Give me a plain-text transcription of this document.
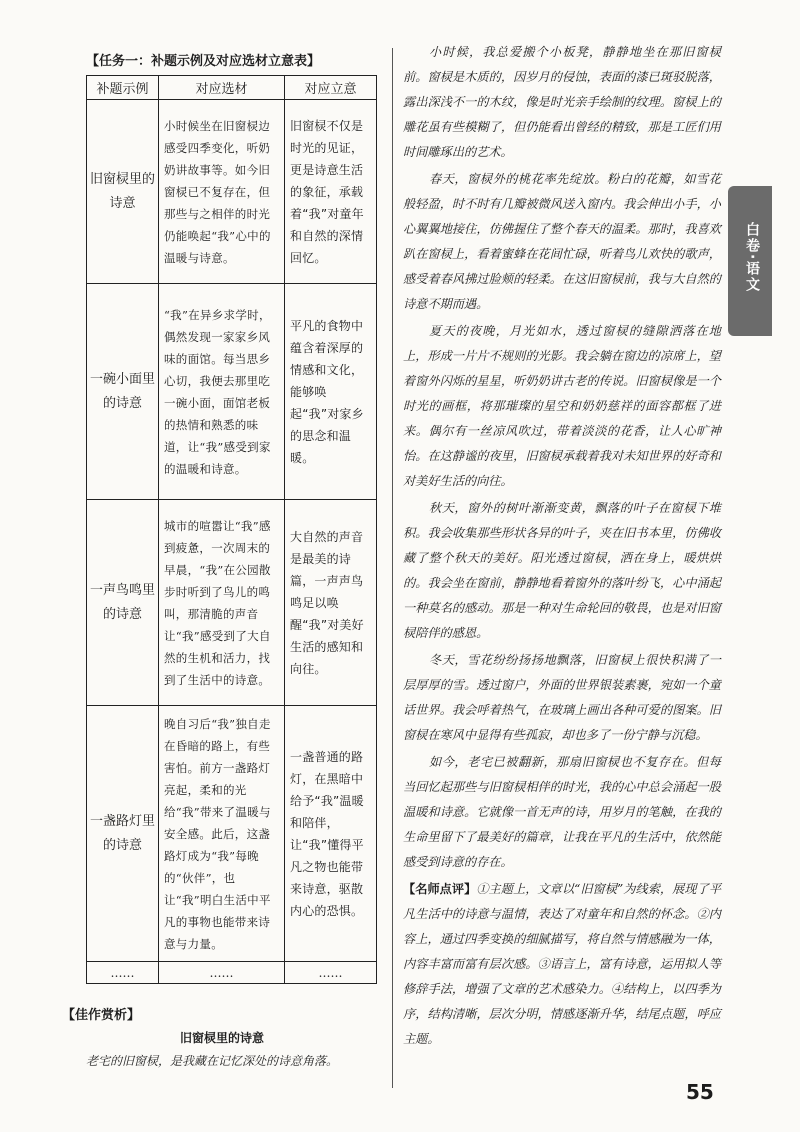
【任务一：补题示例及对应选材立意表】
补题示例	对应选材	对应立意
旧窗棂里的诗意	小时候坐在旧窗棂边感受四季变化，听奶奶讲故事等。如今旧窗棂已不复存在，但那些与之相伴的时光仍能唤起“我”心中的温暖与诗意。	旧窗棂不仅是时光的见证，更是诗意生活的象征，承载着“我”对童年和自然的深情回忆。
一碗小面里的诗意	“我”在异乡求学时，偶然发现一家家乡风味的面馆。每当思乡心切，我便去那里吃一碗小面，面馆老板的热情和熟悉的味道，让“我”感受到家的温暖和诗意。	平凡的食物中蕴含着深厚的情感和文化，能够唤起“我”对家乡的思念和温暖。
一声鸟鸣里的诗意	城市的喧嚣让“我”感到疲惫，一次周末的早晨，“我”在公园散步时听到了鸟儿的鸣叫，那清脆的声音让“我”感受到了大自然的生机和活力，找到了生活中的诗意。	大自然的声音是最美的诗篇，一声声鸟鸣足以唤醒“我”对美好生活的感知和向往。
一盏路灯里的诗意	晚自习后“我”独自走在昏暗的路上，有些害怕。前方一盏路灯亮起，柔和的光给“我”带来了温暖与安全感。此后，这盏路灯成为“我”每晚的“伙伴”，也让“我”明白生活中平凡的事物也能带来诗意与力量。	一盏普通的路灯，在黑暗中给予“我”温暖和陪伴，让“我”懂得平凡之物也能带来诗意，驱散内心的恐惧。
……	……	……
【佳作赏析】
旧窗棂里的诗意
老宅的旧窗棂，是我藏在记忆深处的诗意角落。

小时候，我总爱搬个小板凳，静静地坐在那旧窗棂前。窗棂是木质的，因岁月的侵蚀，表面的漆已斑驳脱落，露出深浅不一的木纹，像是时光亲手绘制的纹理。窗棂上的雕花虽有些模糊了，但仍能看出曾经的精致，那是工匠们用时间雕琢出的艺术。

春天，窗棂外的桃花率先绽放。粉白的花瓣，如雪花般轻盈，时不时有几瓣被微风送入窗内。我会伸出小手，小心翼翼地接住，仿佛握住了整个春天的温柔。那时，我喜欢趴在窗棂上，看着蜜蜂在花间忙碌，听着鸟儿欢快的歌声，感受着春风拂过脸颊的轻柔。在这旧窗棂前，我与大自然的诗意不期而遇。

夏天的夜晚，月光如水，透过窗棂的缝隙洒落在地上，形成一片片不规则的光影。我会躺在窗边的凉席上，望着窗外闪烁的星星，听奶奶讲古老的传说。旧窗棂像是一个时光的画框，将那璀璨的星空和奶奶慈祥的面容都框了进来。偶尔有一丝凉风吹过，带着淡淡的花香，让人心旷神怡。在这静谧的夜里，旧窗棂承载着我对未知世界的好奇和对美好生活的向往。

秋天，窗外的树叶渐渐变黄，飘落的叶子在窗棂下堆积。我会收集那些形状各异的叶子，夹在旧书本里，仿佛收藏了整个秋天的美好。阳光透过窗棂，洒在身上，暖烘烘的。我会坐在窗前，静静地看着窗外的落叶纷飞，心中涌起一种莫名的感动。那是一种对生命轮回的敬畏，也是对旧窗棂陪伴的感恩。

冬天，雪花纷纷扬扬地飘落，旧窗棂上很快积满了一层厚厚的雪。透过窗户，外面的世界银装素裹，宛如一个童话世界。我会呼着热气，在玻璃上画出各种可爱的图案。旧窗棂在寒风中显得有些孤寂，却也多了一份宁静与沉稳。

如今，老宅已被翻新，那扇旧窗棂也不复存在。但每当回忆起那些与旧窗棂相伴的时光，我的心中总会涌起一股温暖和诗意。它就像一首无声的诗，用岁月的笔触，在我的生命里留下了最美好的篇章，让我在平凡的生活中，依然能感受到诗意的存在。

【名师点评】①主题上，文章以“旧窗棂”为线索，展现了平凡生活中的诗意与温情，表达了对童年和自然的怀念。②内容上，通过四季变换的细腻描写，将自然与情感融为一体，内容丰富而富有层次感。③语言上，富有诗意，运用拟人等修辞手法，增强了文章的艺术感染力。④结构上，以四季为序，结构清晰，层次分明，情感逐渐升华，结尾点题，呼应主题。

白卷·语文
55
